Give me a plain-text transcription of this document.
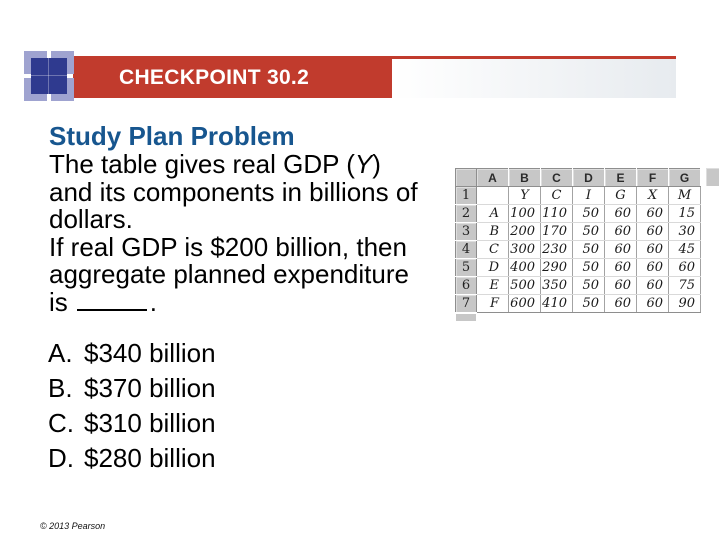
CHECKPOINT 30.2
Study Plan Problem
The table gives real GDP (Y)
and its components in billions of
dollars.
If real GDP is $200 billion, then
aggregate planned expenditure
is	.
A. $340 billion
B. $370 billion
C. $310 billion
D. $280 billion
	A	B	C	D	E	F	G
1		Y	C	I	G	X	M
2	A	100	110	50	60	60	15
3	B	200	170	50	60	60	30
4	C	300	230	50	60	60	45
5	D	400	290	50	60	60	60
6	E	500	350	50	60	60	75
7	F	600	410	50	60	60	90
© 2013 Pearson
